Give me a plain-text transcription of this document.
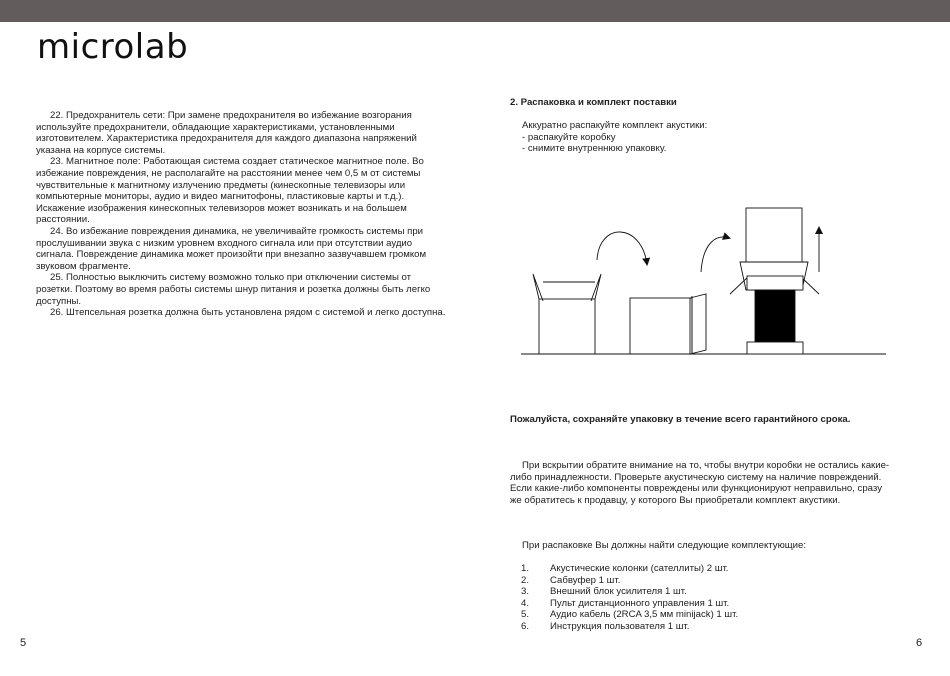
microlab

22. Предохранитель сети: При замене предохранителя во избежание возгорания используйте предохранители, обладающие характеристиками, установленными изготовителем. Характеристика предохранителя для каждого диапазона напряжений указана на корпусе системы.

23. Магнитное поле: Работающая система создает статическое магнитное поле. Во избежание повреждения, не располагайте на расстоянии менее чем 0,5 м от системы чувствительные к магнитному излучению предметы (кинескопные телевизоры или компьютерные мониторы, аудио и видео магнитофоны, пластиковые карты и т.д.). Искажение изображения кинескопных телевизоров может возникать и на большем расстоянии.

24. Во избежание повреждения динамика, не увеличивайте громкость системы при прослушивании звука с низким уровнем входного сигнала или при отсутствии аудио сигнала. Повреждение динамика может произойти при внезапно зазвучавшем громком звуковом фрагменте.

25. Полностью выключить систему возможно только при отключении системы от розетки. Поэтому во время работы системы шнур питания и розетка должны быть легко доступны.

26. Штепсельная розетка должна быть установлена рядом с системой и легко доступна.

2. Распаковка и комплект поставки
Аккуратно распакуйте комплект акустики:
- распакуйте коробку
- снимите внутреннюю упаковку.
Пожалуйста, сохраняйте упаковку в течение всего гарантийного срока.

При вскрытии обратите внимание на то, чтобы внутри коробки не остались какие-либо принадлежности. Проверьте акустическую систему на наличие повреждений. Если какие-либо компоненты повреждены или функционируют неправильно, сразу же обратитесь к продавцу, у которого Вы приобретали комплект акустики.

При распаковке Вы должны найти следующие комплектующие:
1.	Акустические колонки (сателлиты) 2 шт.
2.	Сабвуфер 1 шт.
3.	Внешний блок усилителя 1 шт.
4.	Пульт дистанционного управления 1 шт.
5.	Аудио кабель (2RCA 3,5 мм minijack) 1 шт.
6.	Инструкция пользователя 1 шт.
5	6
